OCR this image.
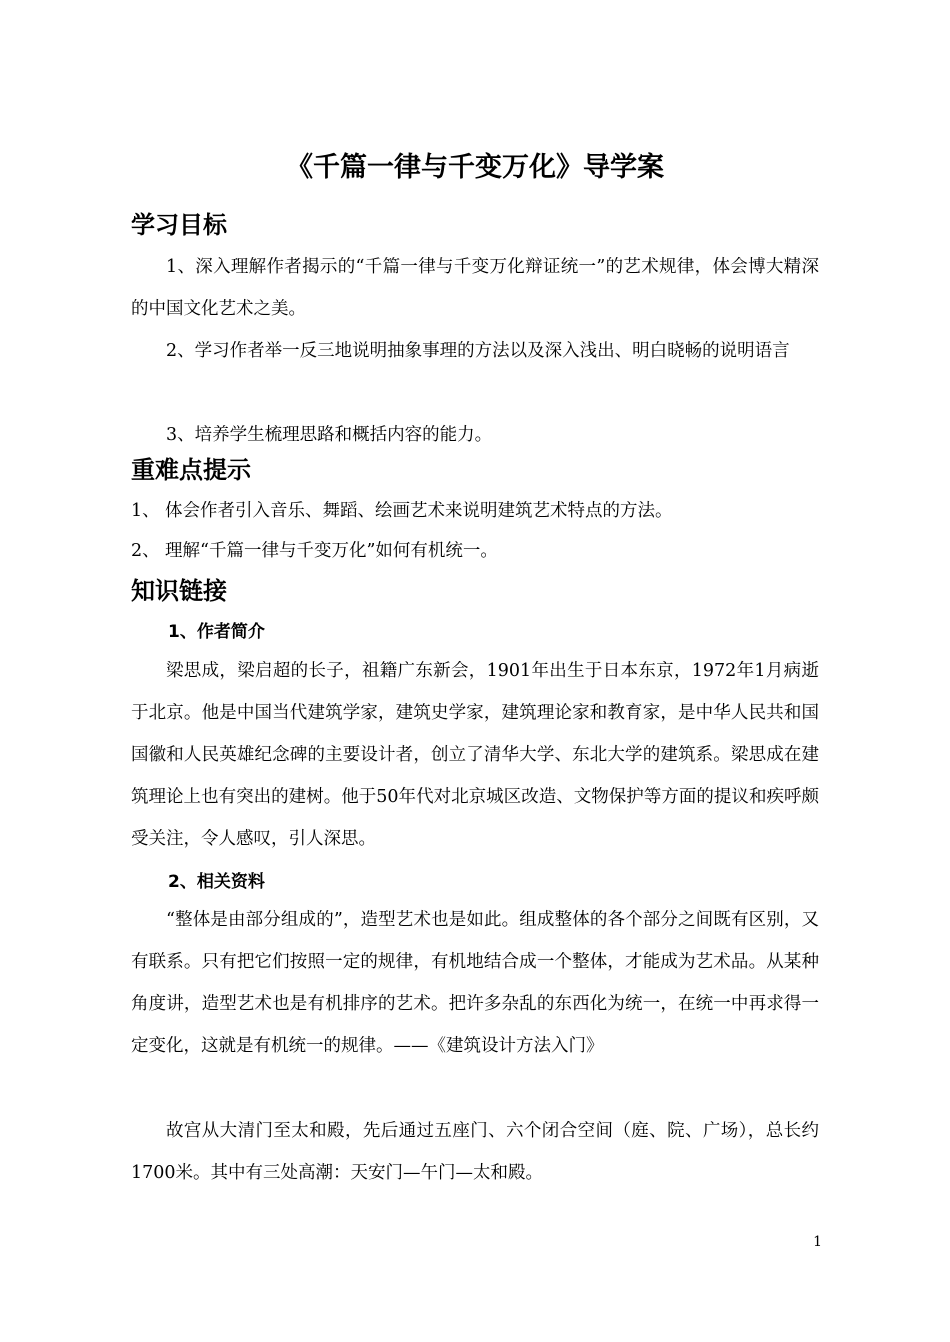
《千篇一律与千变万化》导学案
学习目标

1、深入理解作者揭示的“千篇一律与千变万化辩证统一”的艺术规律，体会博大精深的中国文化艺术之美。

2、学习作者举一反三地说明抽象事理的方法以及深入浅出、明白晓畅的说明语言

3、培养学生梳理思路和概括内容的能力。

重难点提示

1、 体会作者引入音乐、舞蹈、绘画艺术来说明建筑艺术特点的方法。

2、 理解“千篇一律与千变万化”如何有机统一。

知识链接
1、作者简介

梁思成，梁启超的长子，祖籍广东新会，1901年出生于日本东京，1972年1月病逝于北京。他是中国当代建筑学家，建筑史学家，建筑理论家和教育家，是中华人民共和国国徽和人民英雄纪念碑的主要设计者，创立了清华大学、东北大学的建筑系。梁思成在建筑理论上也有突出的建树。他于50年代对北京城区改造、文物保护等方面的提议和疾呼颇受关注，令人感叹，引人深思。

2、相关资料

“整体是由部分组成的”，造型艺术也是如此。组成整体的各个部分之间既有区别，又有联系。只有把它们按照一定的规律，有机地结合成一个整体，才能成为艺术品。从某种角度讲，造型艺术也是有机排序的艺术。把许多杂乱的东西化为统一，在统一中再求得一定变化，这就是有机统一的规律。——《建筑设计方法入门》

故宫从大清门至太和殿，先后通过五座门、六个闭合空间（庭、院、广场），总长约1700米。其中有三处高潮：天安门—午门—太和殿。

1
